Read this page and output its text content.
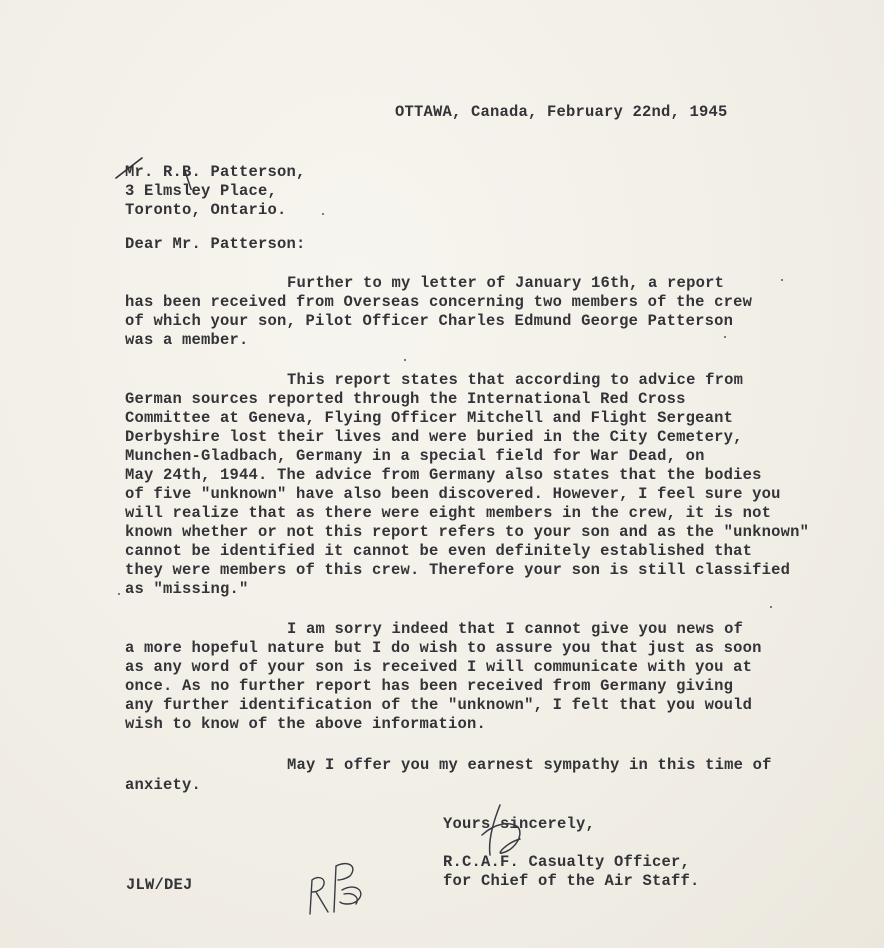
OTTAWA, Canada, February 22nd, 1945
Mr. R.B. Patterson,
3 Elmsley Place,
Toronto, Ontario.
Dear Mr. Patterson:
Further to my letter of January 16th, a report
has been received from Overseas concerning two members of the crew
of which your son, Pilot Officer Charles Edmund George Patterson
was a member.
This report states that according to advice from
German sources reported through the International Red Cross
Committee at Geneva, Flying Officer Mitchell and Flight Sergeant
Derbyshire lost their lives and were buried in the City Cemetery,
Munchen-Gladbach, Germany in a special field for War Dead, on
May 24th, 1944. The advice from Germany also states that the bodies
of five "unknown" have also been discovered. However, I feel sure you
will realize that as there were eight members in the crew, it is not
known whether or not this report refers to your son and as the "unknown"
cannot be identified it cannot be even definitely established that
they were members of this crew. Therefore your son is still classified
as "missing."
I am sorry indeed that I cannot give you news of
a more hopeful nature but I do wish to assure you that just as soon
as any word of your son is received I will communicate with you at
once. As no further report has been received from Germany giving
any further identification of the "unknown", I felt that you would
wish to know of the above information.
May I offer you my earnest sympathy in this time of
anxiety.
Yours sincerely,
R.C.A.F. Casualty Officer,
for Chief of the Air Staff.
JLW/DEJ
